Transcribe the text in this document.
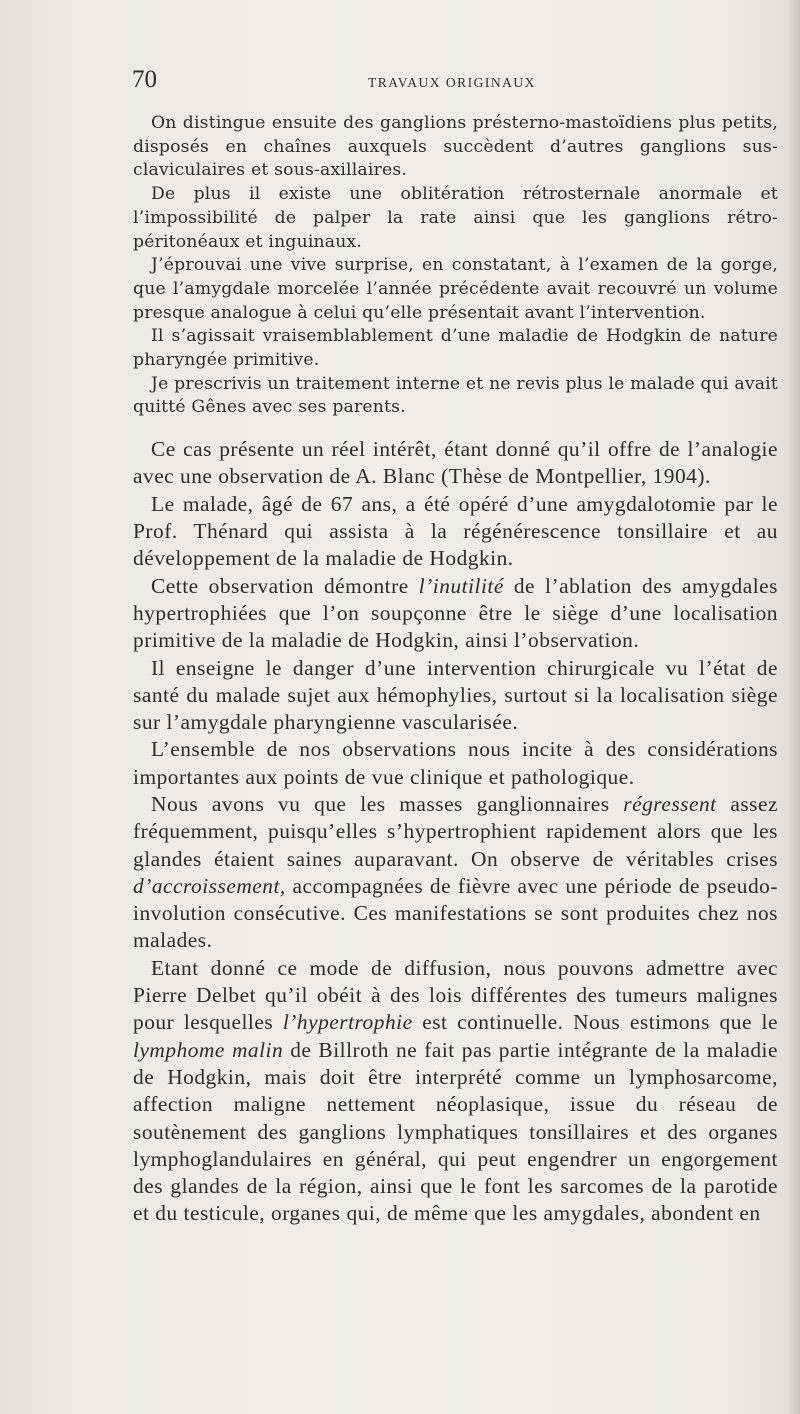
70	TRAVAUX ORIGINAUX

On distingue ensuite des ganglions présterno-mastoïdiens plus petits, disposés en chaînes auxquels succèdent d’autres ganglions sus-claviculaires et sous-axillaires.

De plus il existe une oblitération rétrosternale anormale et l’impossibilité de palper la rate ainsi que les ganglions rétro-péritonéaux et inguinaux.

J’éprouvai une vive surprise, en constatant, à l’examen de la gorge, que l’amygdale morcelée l’année précédente avait recouvré un volume presque analogue à celui qu’elle présentait avant l’intervention.

Il s’agissait vraisemblablement d’une maladie de Hodgkin de nature pharyngée primitive.

Je prescrivis un traitement interne et ne revis plus le malade qui avait quitté Gênes avec ses parents.

Ce cas présente un réel intérêt, étant donné qu’il offre de l’analogie avec une observation de A. Blanc (Thèse de Montpellier, 1904).

Le malade, âgé de 67 ans, a été opéré d’une amygdalotomie par le Prof. Thénard qui assista à la régénérescence tonsillaire et au développement de la maladie de Hodgkin.

Cette observation démontre l’inutilité de l’ablation des amygdales hypertrophiées que l’on soupçonne être le siège d’une localisation primitive de la maladie de Hodgkin, ainsi l’observation.

Il enseigne le danger d’une intervention chirurgicale vu l’état de santé du malade sujet aux hémophylies, surtout si la localisation siège sur l’amygdale pharyngienne vascularisée.

L’ensemble de nos observations nous incite à des considérations importantes aux points de vue clinique et pathologique.

Nous avons vu que les masses ganglionnaires régressent assez fréquemment, puisqu’elles s’hypertrophient rapidement alors que les glandes étaient saines auparavant. On observe de véritables crises d’accroissement, accompagnées de fièvre avec une période de pseudo-involution consécutive. Ces manifestations se sont produites chez nos malades.

Etant donné ce mode de diffusion, nous pouvons admettre avec Pierre Delbet qu’il obéit à des lois différentes des tumeurs malignes pour lesquelles l’hypertrophie est continuelle. Nous estimons que le lymphome malin de Billroth ne fait pas partie intégrante de la maladie de Hodgkin, mais doit être interprété comme un lymphosarcome, affection maligne nettement néoplasique, issue du réseau de soutènement des ganglions lymphatiques tonsillaires et des organes lymphoglandulaires en général, qui peut engendrer un engorgement des glandes de la région, ainsi que le font les sarcomes de la parotide et du testicule, organes qui, de même que les amygdales, abondent en
